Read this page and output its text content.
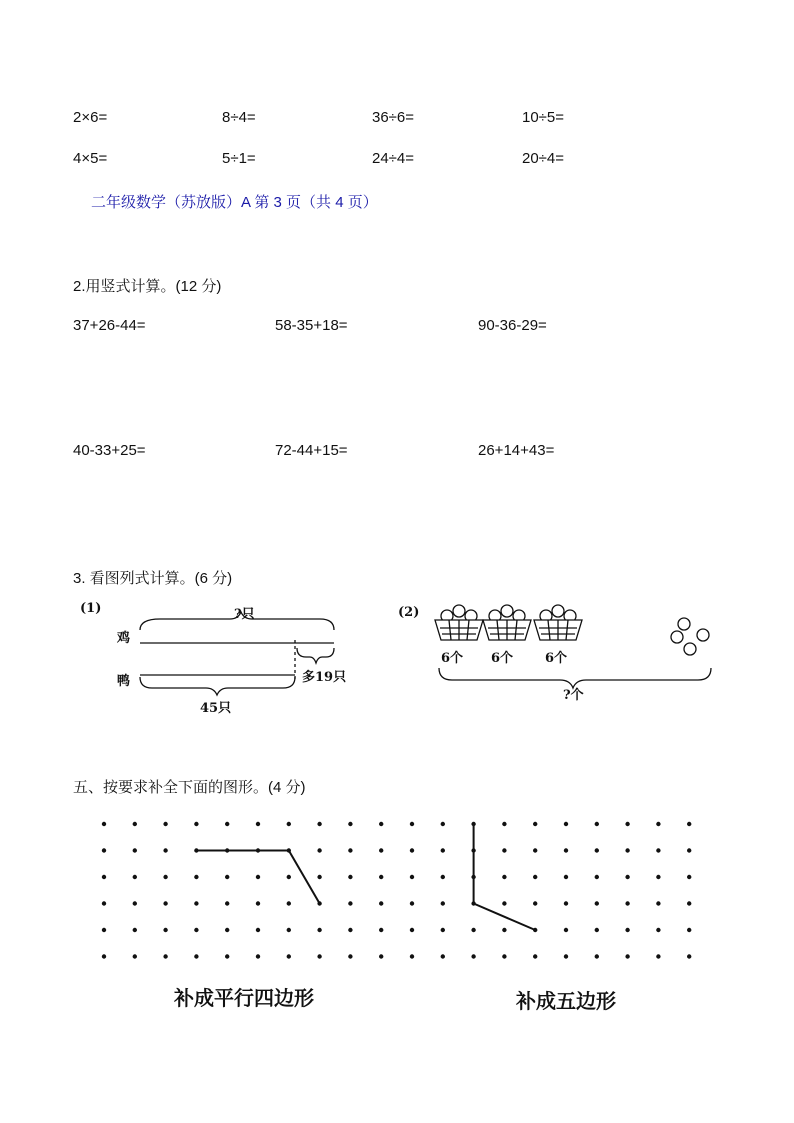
2×6=	8÷4=	36÷6=	10÷5=
4×5=	5÷1=	24÷4=	20÷4=
二年级数学（苏放版）A 第 3 页（共 4 页）
2.用竖式计算。(12 分)
37+26-44=	58-35+18=	90-36-29=
40-33+25=	72-44+15=	26+14+43=
3. 看图列式计算。(6 分)
(1)	?只
鸡
鸭	多19只
45只
(2)
6个 6个 6个
?个
五、按要求补全下面的图形。(4 分)
补成平行四边形	补成五边形
